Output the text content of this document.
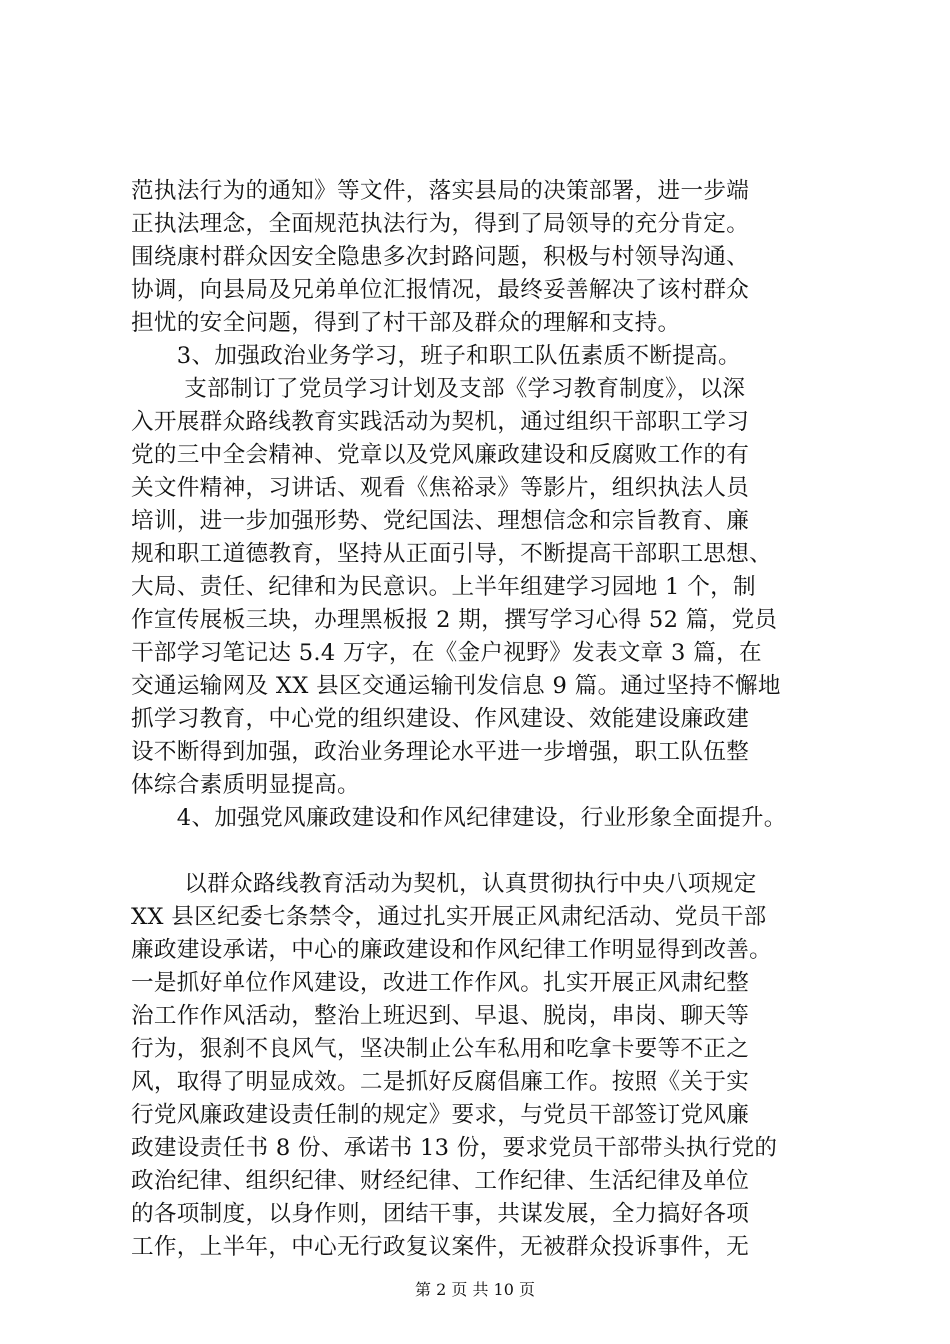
范执法行为的通知》等文件，落实县局的决策部署，进一步端
正执法理念，全面规范执法行为，得到了局领导的充分肯定。
围绕康村群众因安全隐患多次封路问题，积极与村领导沟通、
协调，向县局及兄弟单位汇报情况，最终妥善解决了该村群众
担忧的安全问题，得到了村干部及群众的理解和支持。
　　3、加强政治业务学习，班子和职工队伍素质不断提高。
　　 支部制订了党员学习计划及支部《学习教育制度》，以深
入开展群众路线教育实践活动为契机，通过组织干部职工学习
党的三中全会精神、党章以及党风廉政建设和反腐败工作的有
关文件精神，习讲话、观看《焦裕录》等影片，组织执法人员
培训，进一步加强形势、党纪国法、理想信念和宗旨教育、廉
规和职工道德教育，坚持从正面引导，不断提高干部职工思想、
大局、责任、纪律和为民意识。上半年组建学习园地 1 个，制
作宣传展板三块，办理黑板报 2 期，撰写学习心得 52 篇，党员
干部学习笔记达 5.4 万字，在《金户视野》发表文章 3 篇，在
交通运输网及 XX 县区交通运输刊发信息 9 篇。通过坚持不懈地
抓学习教育，中心党的组织建设、作风建设、效能建设廉政建
设不断得到加强，政治业务理论水平进一步增强，职工队伍整
体综合素质明显提高。
　　4、加强党风廉政建设和作风纪律建设，行业形象全面提升。
　　 以群众路线教育活动为契机，认真贯彻执行中央八项规定
XX 县区纪委七条禁令，通过扎实开展正风肃纪活动、党员干部
廉政建设承诺，中心的廉政建设和作风纪律工作明显得到改善。
一是抓好单位作风建设，改进工作作风。扎实开展正风肃纪整
治工作作风活动，整治上班迟到、早退、脱岗，串岗、聊天等
行为，狠刹不良风气，坚决制止公车私用和吃拿卡要等不正之
风，取得了明显成效。二是抓好反腐倡廉工作。按照《关于实
行党风廉政建设责任制的规定》要求，与党员干部签订党风廉
政建设责任书 8 份、承诺书 13 份，要求党员干部带头执行党的
政治纪律、组织纪律、财经纪律、工作纪律、生活纪律及单位
的各项制度，以身作则，团结干事，共谋发展，全力搞好各项
工作，上半年，中心无行政复议案件，无被群众投诉事件，无
第 2 页 共 10 页
